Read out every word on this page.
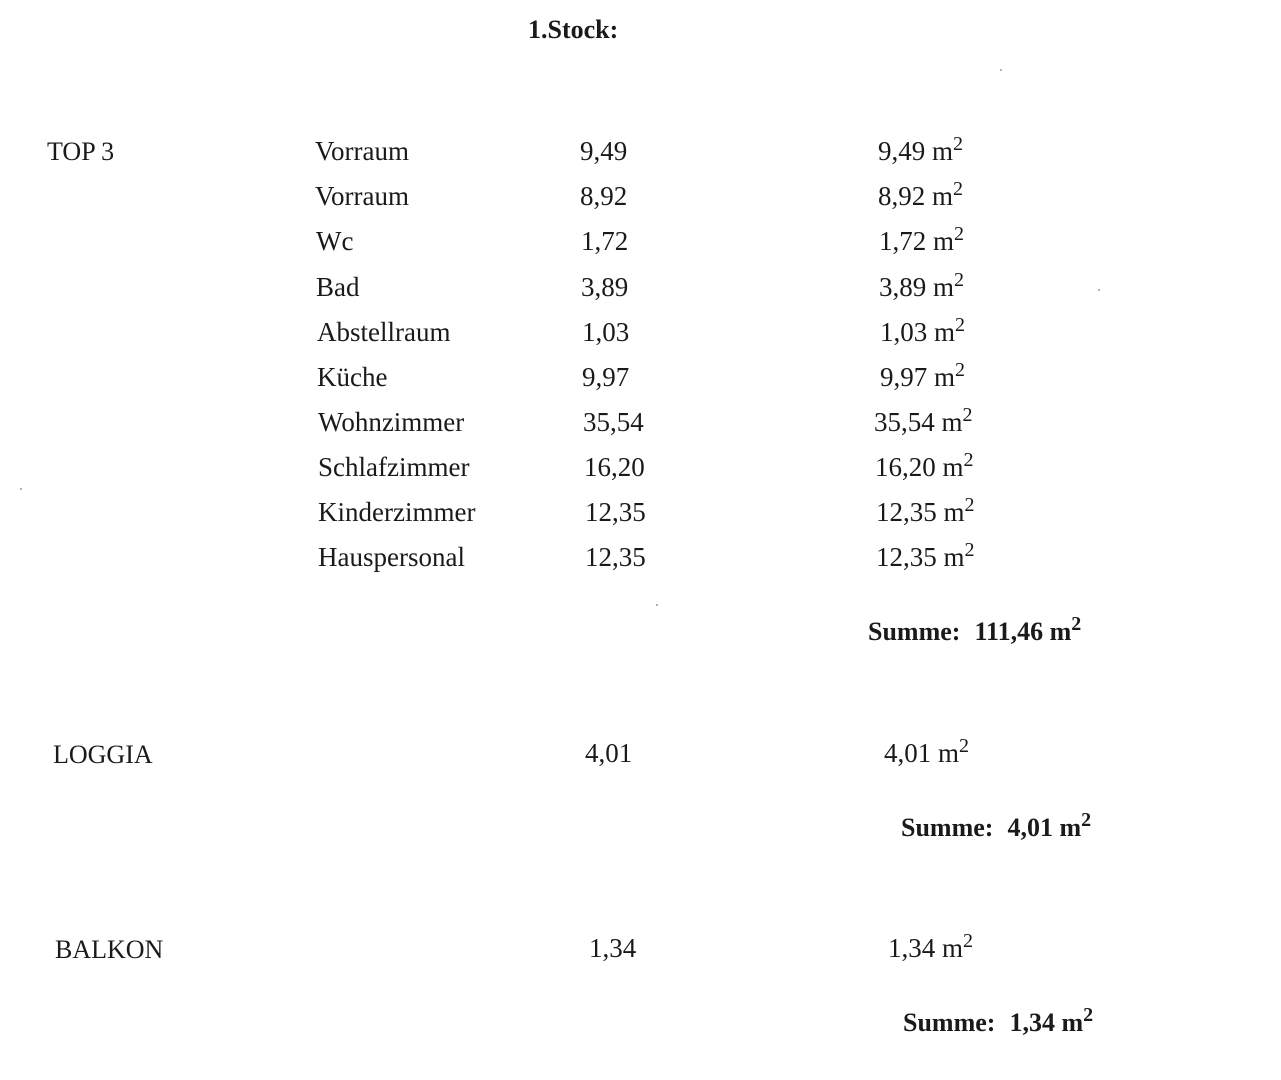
1.Stock:
TOP 3	Vorraum	9,49	9,49 $m^2$
Vorraum	8,92	8,92 $m^2$
Wc	1,72	1,72 $m^2$
Bad	3,89	3,89 $m^2$
Abstellraum	1,03	1,03 $m^2$
Küche	9,97	9,97 $m^2$
Wohnzimmer	35,54	35,54 $m^2$
Schlafzimmer	16,20	16,20 $m^2$
Kinderzimmer	12,35	12,35 $m^2$
Hauspersonal	12,35	12,35 $m^2$
Summe: 111,46 $m^2$
LOGGIA	4,01	4,01 $m^2$
Summe: 4,01 $m^2$
BALKON	1,34	1,34 $m^2$
Summe: 1,34 $m^2$
